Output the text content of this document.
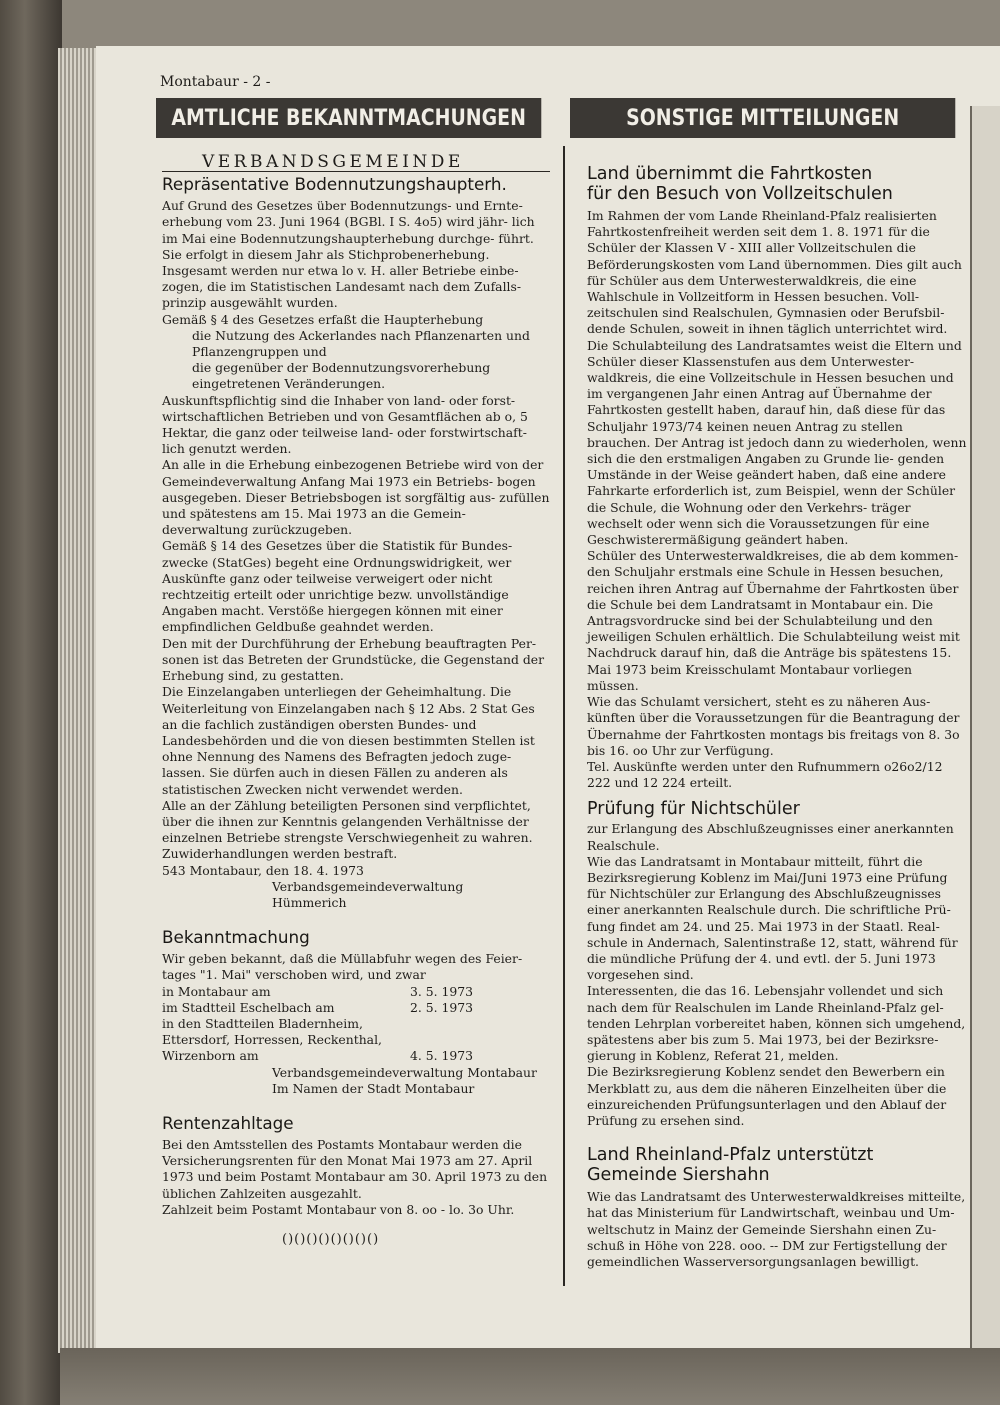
Montabaur - 2 -
AMTLICHE BEKANNTMACHUNGEN	SONSTIGE MITTEILUNGEN
VERBANDSGEMEINDE
Repräsentative Bodennutzungshaupterh.

Auf Grund des Gesetzes über Bodennutzungs- und Ernte- erhebung vom 23. Juni 1964 (BGBl. I S. 4o5) wird jähr- lich im Mai eine Bodennutzungshaupterhebung durchge- führt. Sie erfolgt in diesem Jahr als Stichprobenerhebung. Insgesamt werden nur etwa lo v. H. aller Betriebe einbe- zogen, die im Statistischen Landesamt nach dem Zufalls- prinzip ausgewählt wurden.

Gemäß § 4 des Gesetzes erfaßt die Haupterhebung

die Nutzung des Ackerlandes nach Pflanzenarten und Pflanzengruppen und

die gegenüber der Bodennutzungsvorerhebung eingetretenen Veränderungen.

Auskunftspflichtig sind die Inhaber von land- oder forst- wirtschaftlichen Betrieben und von Gesamtflächen ab o, 5 Hektar, die ganz oder teilweise land- oder forstwirtschaft- lich genutzt werden.

An alle in die Erhebung einbezogenen Betriebe wird von der Gemeindeverwaltung Anfang Mai 1973 ein Betriebs- bogen ausgegeben. Dieser Betriebsbogen ist sorgfältig aus- zufüllen und spätestens am 15. Mai 1973 an die Gemein- deverwaltung zurückzugeben.

Gemäß § 14 des Gesetzes über die Statistik für Bundes- zwecke (StatGes) begeht eine Ordnungswidrigkeit, wer Auskünfte ganz oder teilweise verweigert oder nicht rechtzeitig erteilt oder unrichtige bezw. unvollständige Angaben macht. Verstöße hiergegen können mit einer empfindlichen Geldbuße geahndet werden.

Den mit der Durchführung der Erhebung beauftragten Per- sonen ist das Betreten der Grundstücke, die Gegenstand der Erhebung sind, zu gestatten.

Die Einzelangaben unterliegen der Geheimhaltung. Die Weiterleitung von Einzelangaben nach § 12 Abs. 2 Stat Ges an die fachlich zuständigen obersten Bundes- und Landesbehörden und die von diesen bestimmten Stellen ist ohne Nennung des Namens des Befragten jedoch zuge- lassen. Sie dürfen auch in diesen Fällen zu anderen als statistischen Zwecken nicht verwendet werden.

Alle an der Zählung beteiligten Personen sind verpflichtet, über die ihnen zur Kenntnis gelangenden Verhältnisse der einzelnen Betriebe strengste Verschwiegenheit zu wahren. Zuwiderhandlungen werden bestraft.

543 Montabaur, den 18. 4. 1973

Verbandsgemeindeverwaltung

Hümmerich

Bekanntmachung

Wir geben bekannt, daß die Müllabfuhr wegen des Feier- tages "1. Mai" verschoben wird, und zwar

in Montabaur am	3. 5. 1973
im Stadtteil Eschelbach am	2. 5. 1973

in den Stadtteilen Bladernheim,

Ettersdorf, Horressen, Reckenthal,

Wirzenborn am	4. 5. 1973

Verbandsgemeindeverwaltung Montabaur

Im Namen der Stadt Montabaur

Rentenzahltage

Bei den Amtsstellen des Postamts Montabaur werden die Versicherungsrenten für den Monat Mai 1973 am 27. April 1973 und beim Postamt Montabaur am 30. April 1973 zu den üblichen Zahlzeiten ausgezahlt.

Zahlzeit beim Postamt Montabaur von 8. oo - lo. 3o Uhr.

()()()()()()()()
Land übernimmt die Fahrtkosten
für den Besuch von Vollzeitschulen

Im Rahmen der vom Lande Rheinland-Pfalz realisierten Fahrtkostenfreiheit werden seit dem 1. 8. 1971 für die Schüler der Klassen V - XIII aller Vollzeitschulen die Beförderungskosten vom Land übernommen. Dies gilt auch für Schüler aus dem Unterwesterwaldkreis, die eine Wahlschule in Vollzeitform in Hessen besuchen. Voll- zeitschulen sind Realschulen, Gymnasien oder Berufsbil- dende Schulen, soweit in ihnen täglich unterrichtet wird.

Die Schulabteilung des Landratsamtes weist die Eltern und Schüler dieser Klassenstufen aus dem Unterwester- waldkreis, die eine Vollzeitschule in Hessen besuchen und im vergangenen Jahr einen Antrag auf Übernahme der Fahrtkosten gestellt haben, darauf hin, daß diese für das Schuljahr 1973/74 keinen neuen Antrag zu stellen brauchen. Der Antrag ist jedoch dann zu wiederholen, wenn sich die den erstmaligen Angaben zu Grunde lie- genden Umstände in der Weise geändert haben, daß eine andere Fahrkarte erforderlich ist, zum Beispiel, wenn der Schüler die Schule, die Wohnung oder den Verkehrs- träger wechselt oder wenn sich die Voraussetzungen für eine Geschwisterermäßigung geändert haben.

Schüler des Unterwesterwaldkreises, die ab dem kommen- den Schuljahr erstmals eine Schule in Hessen besuchen, reichen ihren Antrag auf Übernahme der Fahrtkosten über die Schule bei dem Landratsamt in Montabaur ein. Die Antragsvordrucke sind bei der Schulabteilung und den jeweiligen Schulen erhältlich. Die Schulabteilung weist mit Nachdruck darauf hin, daß die Anträge bis spätestens 15. Mai 1973 beim Kreisschulamt Montabaur vorliegen müssen.

Wie das Schulamt versichert, steht es zu näheren Aus- künften über die Voraussetzungen für die Beantragung der Übernahme der Fahrtkosten montags bis freitags von 8. 3o bis 16. oo Uhr zur Verfügung.

Tel. Auskünfte werden unter den Rufnummern o26o2/12 222 und 12 224 erteilt.

Prüfung für Nichtschüler

zur Erlangung des Abschlußzeugnisses einer anerkannten Realschule.

Wie das Landratsamt in Montabaur mitteilt, führt die Bezirksregierung Koblenz im Mai/Juni 1973 eine Prüfung für Nichtschüler zur Erlangung des Abschlußzeugnisses einer anerkannten Realschule durch. Die schriftliche Prü- fung findet am 24. und 25. Mai 1973 in der Staatl. Real- schule in Andernach, Salentinstraße 12, statt, während für die mündliche Prüfung der 4. und evtl. der 5. Juni 1973 vorgesehen sind.

Interessenten, die das 16. Lebensjahr vollendet und sich nach dem für Realschulen im Lande Rheinland-Pfalz gel- tenden Lehrplan vorbereitet haben, können sich umgehend, spätestens aber bis zum 5. Mai 1973, bei der Bezirksre- gierung in Koblenz, Referat 21, melden.

Die Bezirksregierung Koblenz sendet den Bewerbern ein Merkblatt zu, aus dem die näheren Einzelheiten über die einzureichenden Prüfungsunterlagen und den Ablauf der Prüfung zu ersehen sind.

Land Rheinland-Pfalz unterstützt
Gemeinde Siershahn

Wie das Landratsamt des Unterwesterwaldkreises mitteilte, hat das Ministerium für Landwirtschaft, weinbau und Um- weltschutz in Mainz der Gemeinde Siershahn einen Zu- schuß in Höhe von 228. ooo. -- DM zur Fertigstellung der gemeindlichen Wasserversorgungsanlagen bewilligt.
